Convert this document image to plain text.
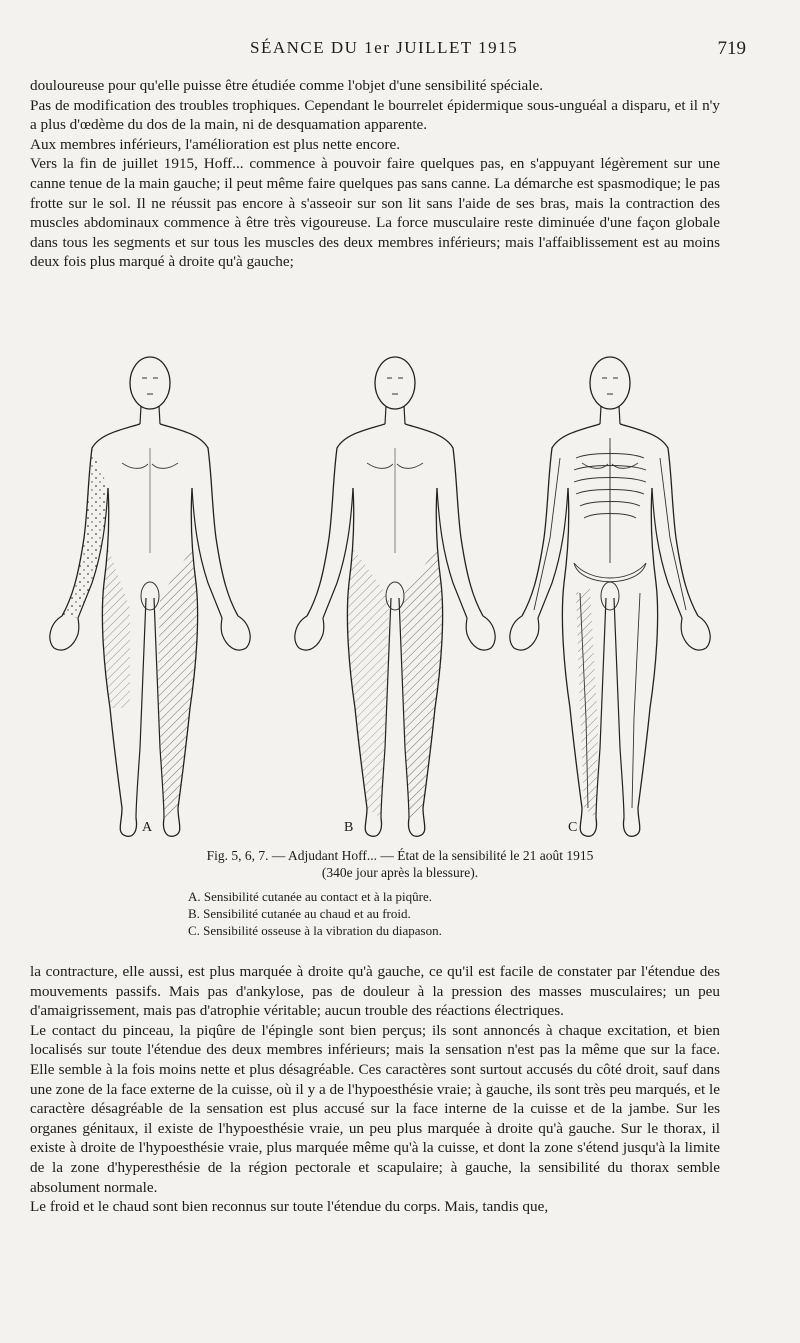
SÉANCE DU 1er JUILLET 1915	719

douloureuse pour qu'elle puisse être étudiée comme l'objet d'une sensibilité spéciale.

Pas de modification des troubles trophiques. Cependant le bourrelet épidermique sous-unguéal a disparu, et il n'y a plus d'œdème du dos de la main, ni de desquamation apparente.

Aux membres inférieurs, l'amélioration est plus nette encore.

Vers la fin de juillet 1915, Hoff... commence à pouvoir faire quelques pas, en s'appuyant légèrement sur une canne tenue de la main gauche; il peut même faire quelques pas sans canne. La démarche est spasmodique; le pas frotte sur le sol. Il ne réussit pas encore à s'asseoir sur son lit sans l'aide de ses bras, mais la contraction des muscles abdominaux commence à être très vigoureuse. La force musculaire reste diminuée d'une façon globale dans tous les segments et sur tous les muscles des deux membres inférieurs; mais l'affaiblissement est au moins deux fois plus marqué à droite qu'à gauche;

A	B	C
Fig. 5, 6, 7. — Adjudant Hoff... — État de la sensibilité le 21 août 1915
(340e jour après la blessure).
A. Sensibilité cutanée au contact et à la piqûre.
B. Sensibilité cutanée au chaud et au froid.
C. Sensibilité osseuse à la vibration du diapason.

la contracture, elle aussi, est plus marquée à droite qu'à gauche, ce qu'il est facile de constater par l'étendue des mouvements passifs. Mais pas d'ankylose, pas de douleur à la pression des masses musculaires; un peu d'amaigrissement, mais pas d'atrophie véritable; aucun trouble des réactions électriques.

Le contact du pinceau, la piqûre de l'épingle sont bien perçus; ils sont annoncés à chaque excitation, et bien localisés sur toute l'étendue des deux membres inférieurs; mais la sensation n'est pas la même que sur la face. Elle semble à la fois moins nette et plus désagréable. Ces caractères sont surtout accusés du côté droit, sauf dans une zone de la face externe de la cuisse, où il y a de l'hypoesthésie vraie; à gauche, ils sont très peu marqués, et le caractère désagréable de la sensation est plus accusé sur la face interne de la cuisse et de la jambe. Sur les organes génitaux, il existe de l'hypoesthésie vraie, un peu plus marquée à droite qu'à gauche. Sur le thorax, il existe à droite de l'hypoesthésie vraie, plus marquée même qu'à la cuisse, et dont la zone s'étend jusqu'à la limite de la zone d'hyperesthésie de la région pectorale et scapulaire; à gauche, la sensibilité du thorax semble absolument normale.

Le froid et le chaud sont bien reconnus sur toute l'étendue du corps. Mais, tandis que,
